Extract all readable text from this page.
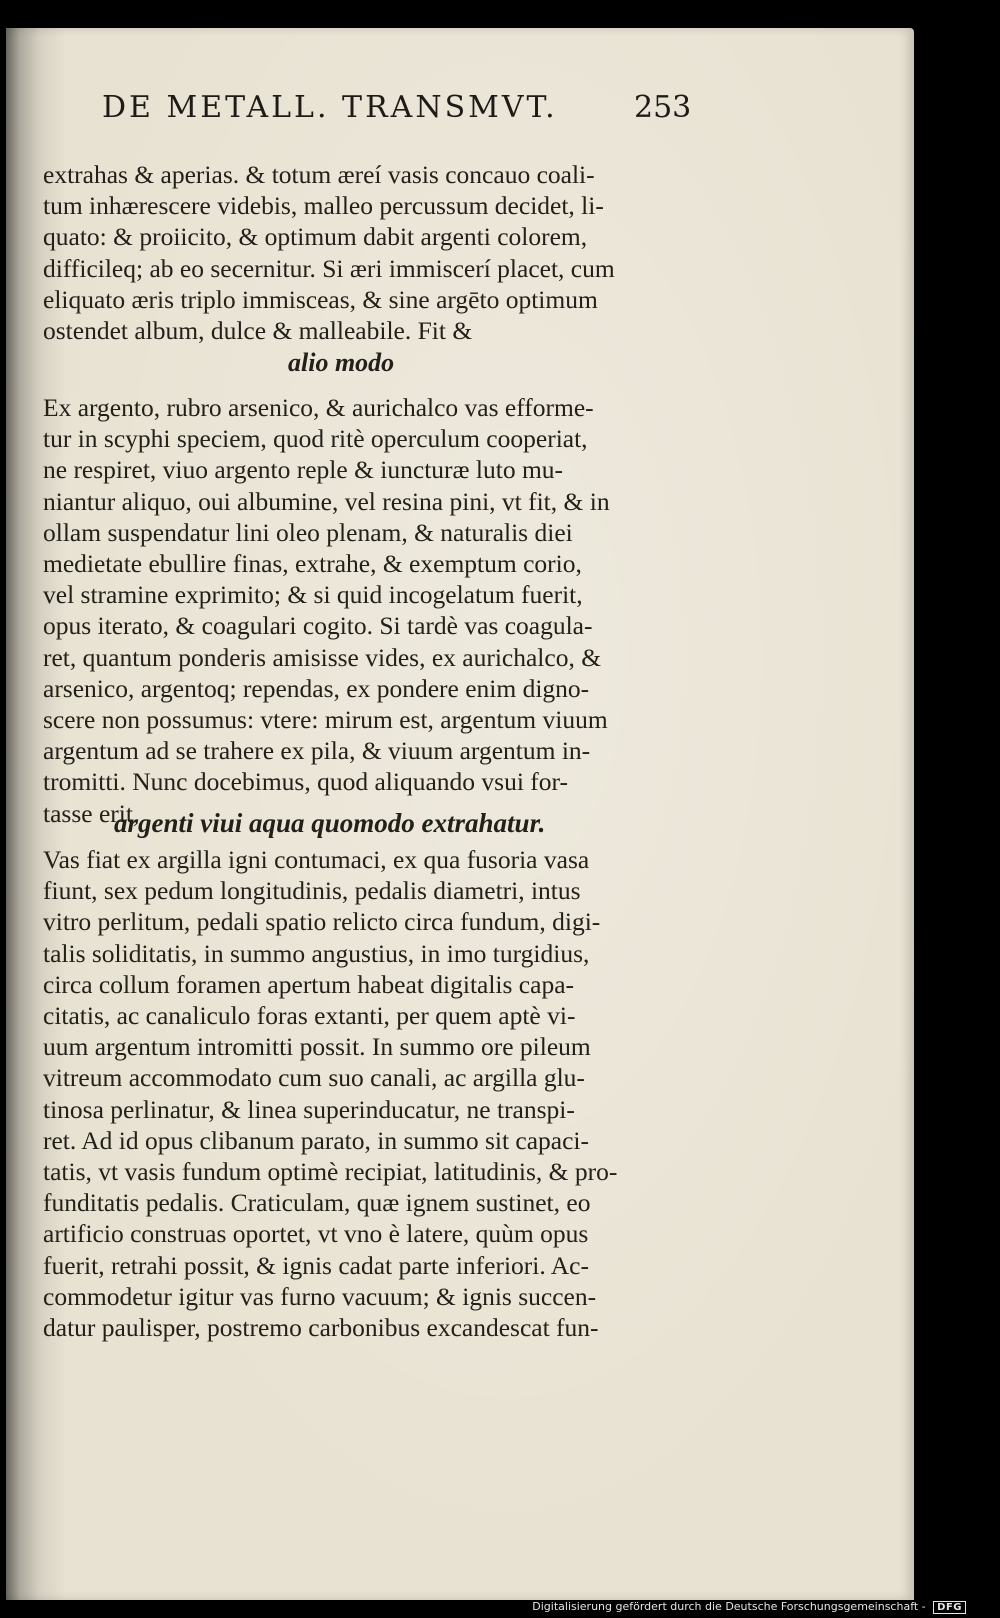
DE METALL. TRANSMVT.	253
extrahas & aperias. & totum æreí vasis concauo coali-
tum inhærescere videbis, malleo percussum decidet, li-
quato: & proiicito, & optimum dabit argenti colorem,
difficileq; ab eo secernitur. Si æri immiscerí placet, cum
eliquato æris triplo immisceas, & sine argēto optimum
ostendet album, dulce & malleabile. Fit &
alio modo
Ex argento, rubro arsenico, & aurichalco vas efforme-
tur in scyphi speciem, quod ritè operculum cooperiat,
ne respiret, viuo argento reple & iuncturæ luto mu-
niantur aliquo, oui albumine, vel resina pini, vt fit, & in
ollam suspendatur lini oleo plenam, & naturalis diei
medietate ebullire finas, extrahe, & exemptum corio,
vel stramine exprimito; & si quid incogelatum fuerit,
opus iterato, & coagulari cogito. Si tardè vas coagula-
ret, quantum ponderis amisisse vides, ex aurichalco, &
arsenico, argentoq; rependas, ex pondere enim digno-
scere non possumus: vtere: mirum est, argentum viuum
argentum ad se trahere ex pila, & viuum argentum in-
tromitti. Nunc docebimus, quod aliquando vsui for-
tasse erit,
argenti viui aqua quomodo extrahatur.
Vas fiat ex argilla igni contumaci, ex qua fusoria vasa
fiunt, sex pedum longitudinis, pedalis diametri, intus
vitro perlitum, pedali spatio relicto circa fundum, digi-
talis soliditatis, in summo angustius, in imo turgidius,
circa collum foramen apertum habeat digitalis capa-
citatis, ac canaliculo foras extanti, per quem aptè vi-
uum argentum intromitti possit. In summo ore pileum
vitreum accommodato cum suo canali, ac argilla glu-
tinosa perlinatur, & linea superinducatur, ne transpi-
ret. Ad id opus clibanum parato, in summo sit capaci-
tatis, vt vasis fundum optimè recipiat, latitudinis, & pro-
funditatis pedalis. Craticulam, quæ ignem sustinet, eo
artificio construas oportet, vt vno è latere, quùm opus
fuerit, retrahi possit, & ignis cadat parte inferiori. Ac-
commodetur igitur vas furno vacuum; & ignis succen-
datur paulisper, postremo carbonibus excandescat fun-
Digitalisierung gefördert durch die Deutsche Forschungsgemeinschaft - DFG
